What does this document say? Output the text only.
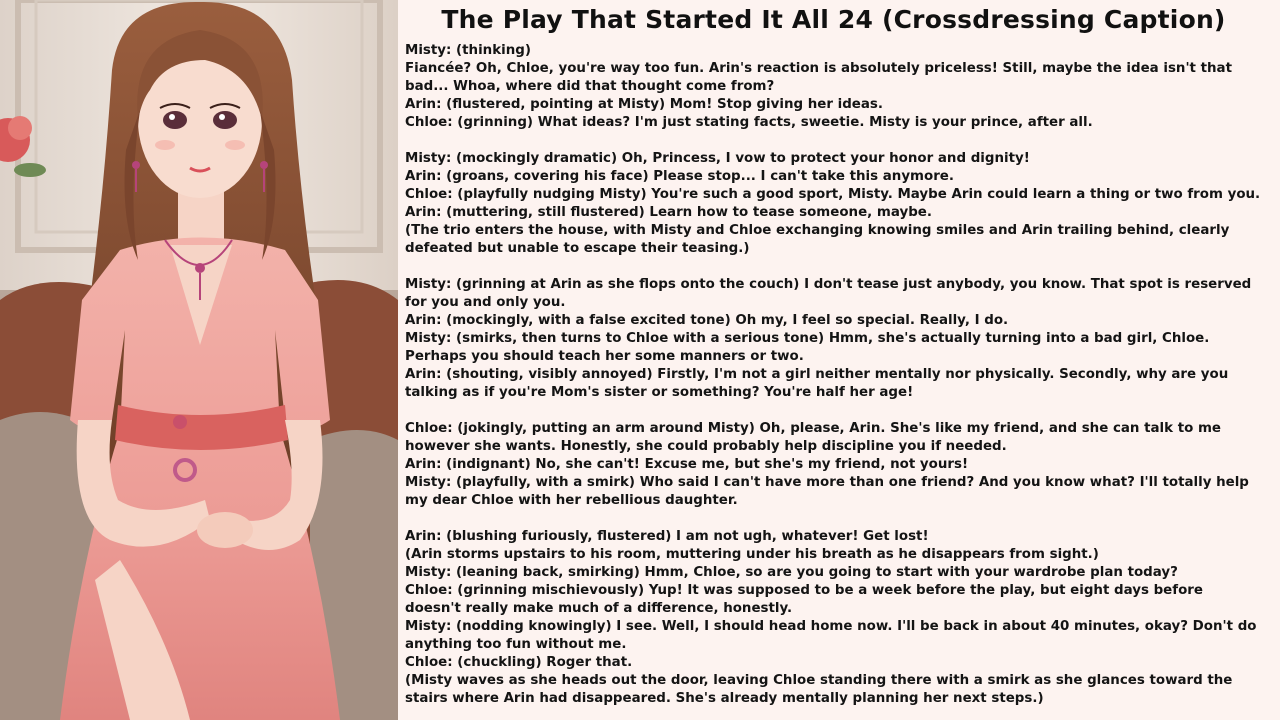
The Play That Started It All 24 (Crossdressing Caption)
Misty: (thinking)
Fiancée? Oh, Chloe, you're way too fun. Arin's reaction is absolutely priceless! Still, maybe the idea isn't that bad... Whoa, where did that thought come from?
Arin: (flustered, pointing at Misty) Mom! Stop giving her ideas.
Chloe: (grinning) What ideas? I'm just stating facts, sweetie. Misty is your prince, after all.
Misty: (mockingly dramatic) Oh, Princess, I vow to protect your honor and dignity!
Arin: (groans, covering his face) Please stop... I can't take this anymore.
Chloe: (playfully nudging Misty) You're such a good sport, Misty. Maybe Arin could learn a thing or two from you.
Arin: (muttering, still flustered) Learn how to tease someone, maybe.
(The trio enters the house, with Misty and Chloe exchanging knowing smiles and Arin trailing behind, clearly defeated but unable to escape their teasing.)
Misty: (grinning at Arin as she flops onto the couch) I don't tease just anybody, you know. That spot is reserved for you and only you.
Arin: (mockingly, with a false excited tone) Oh my, I feel so special. Really, I do.
Misty: (smirks, then turns to Chloe with a serious tone) Hmm, she's actually turning into a bad girl, Chloe. Perhaps you should teach her some manners or two.
Arin: (shouting, visibly annoyed) Firstly, I'm not a girl neither mentally nor physically. Secondly, why are you talking as if you're Mom's sister or something? You're half her age!
Chloe: (jokingly, putting an arm around Misty) Oh, please, Arin. She's like my friend, and she can talk to me however she wants. Honestly, she could probably help discipline you if needed.
Arin: (indignant) No, she can't! Excuse me, but she's my friend, not yours!
Misty: (playfully, with a smirk) Who said I can't have more than one friend? And you know what? I'll totally help my dear Chloe with her rebellious daughter.
Arin: (blushing furiously, flustered) I am not ugh, whatever! Get lost!
(Arin storms upstairs to his room, muttering under his breath as he disappears from sight.)
Misty: (leaning back, smirking) Hmm, Chloe, so are you going to start with your wardrobe plan today?
Chloe: (grinning mischievously) Yup! It was supposed to be a week before the play, but eight days before doesn't really make much of a difference, honestly.
Misty: (nodding knowingly) I see. Well, I should head home now. I'll be back in about 40 minutes, okay? Don't do anything too fun without me.
Chloe: (chuckling) Roger that.
(Misty waves as she heads out the door, leaving Chloe standing there with a smirk as she glances toward the stairs where Arin had disappeared. She's already mentally planning her next steps.)
